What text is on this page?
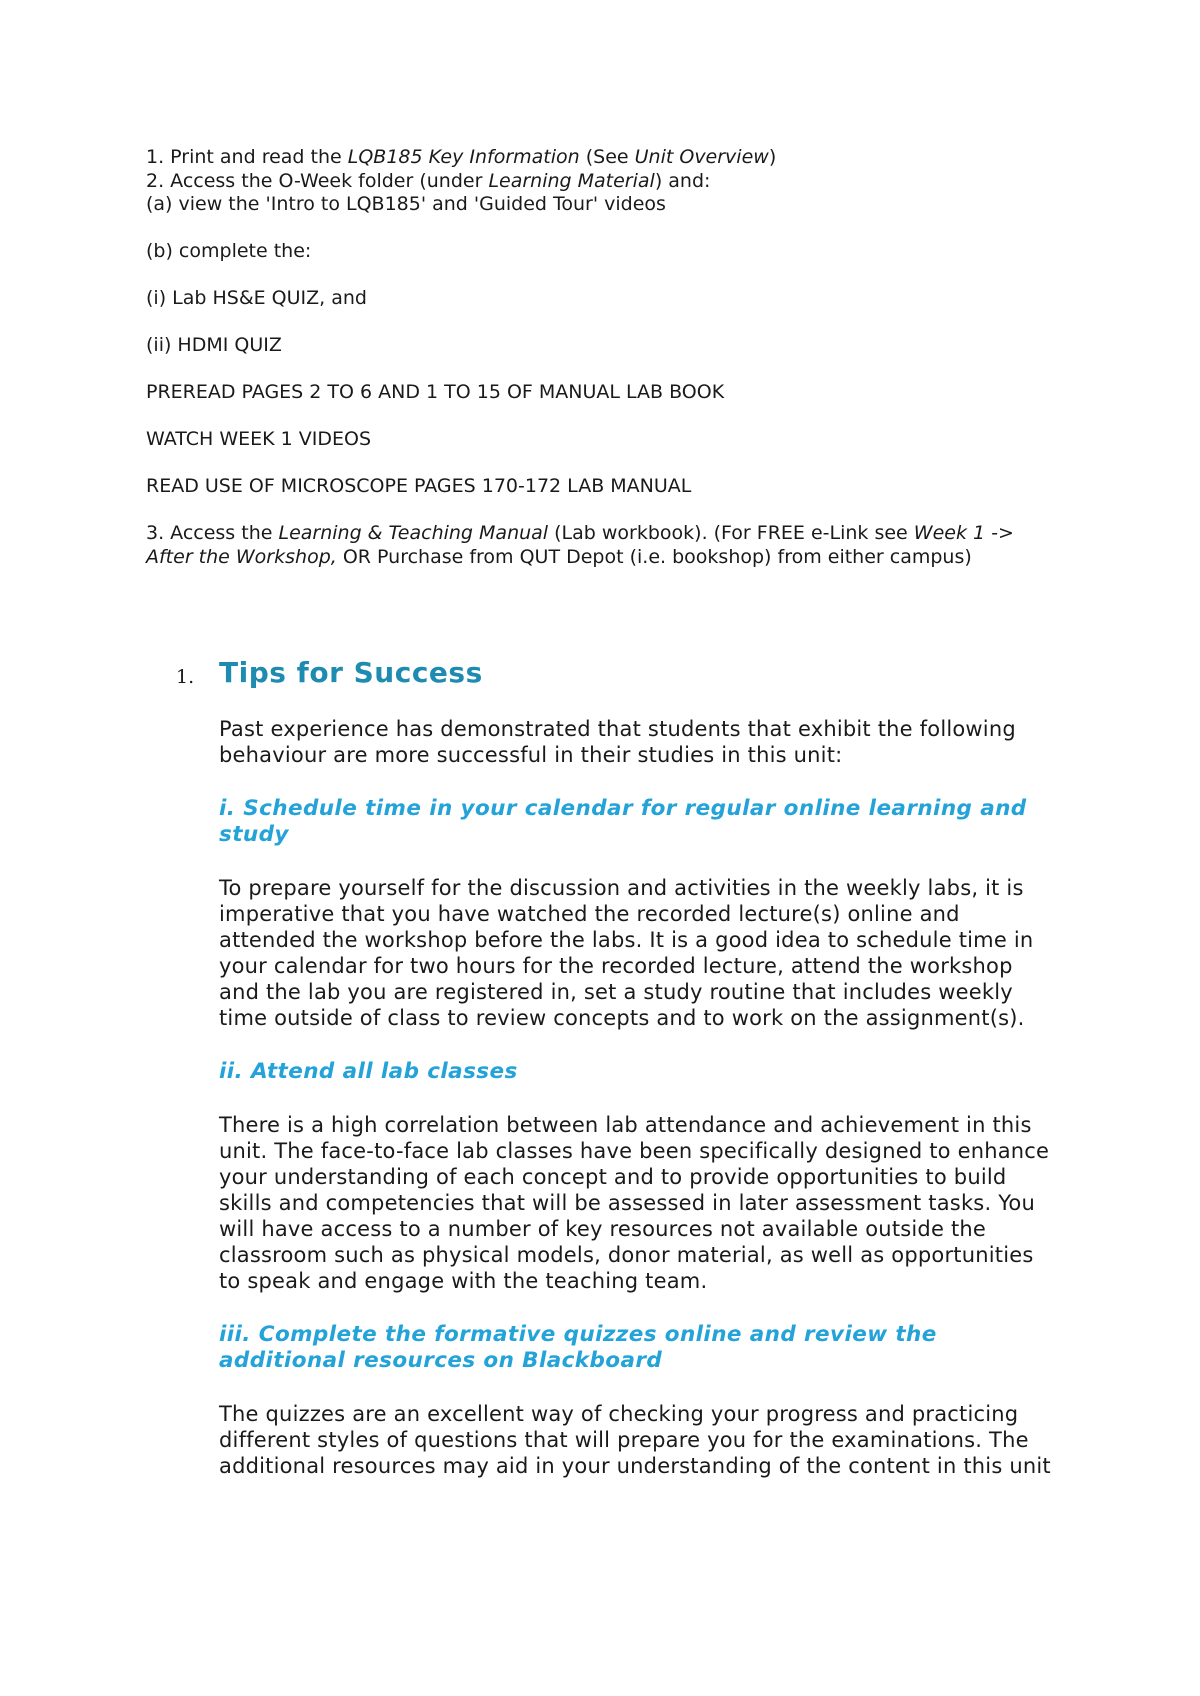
1. Print and read the LQB185 Key Information (See Unit Overview)

2. Access the O-Week folder (under Learning Material) and:

(a) view the 'Intro to LQB185' and 'Guided Tour' videos

(b) complete the:

(i) Lab HS&E QUIZ, and

(ii) HDMI QUIZ

PREREAD PAGES 2 TO 6 AND 1 TO 15 OF MANUAL LAB BOOK

WATCH WEEK 1 VIDEOS

READ USE OF MICROSCOPE PAGES 170-172 LAB MANUAL

3. Access the Learning & Teaching Manual (Lab workbook). (For FREE e-Link see Week 1 -> After the Workshop, OR Purchase from QUT Depot (i.e. bookshop) from either campus)

1. Tips for Success

Past experience has demonstrated that students that exhibit the following behaviour are more successful in their studies in this unit:

i. Schedule time in your calendar for regular online learning and study

To prepare yourself for the discussion and activities in the weekly labs, it is imperative that you have watched the recorded lecture(s) online and attended the workshop before the labs. It is a good idea to schedule time in your calendar for two hours for the recorded lecture, attend the workshop and the lab you are registered in, set a study routine that includes weekly time outside of class to review concepts and to work on the assignment(s).

ii. Attend all lab classes

There is a high correlation between lab attendance and achievement in this unit. The face-to-face lab classes have been specifically designed to enhance your understanding of each concept and to provide opportunities to build skills and competencies that will be assessed in later assessment tasks. You will have access to a number of key resources not available outside the classroom such as physical models, donor material, as well as opportunities to speak and engage with the teaching team.

iii. Complete the formative quizzes online and review the additional resources on Blackboard

The quizzes are an excellent way of checking your progress and practicing different styles of questions that will prepare you for the examinations. The additional resources may aid in your understanding of the content in this unit
